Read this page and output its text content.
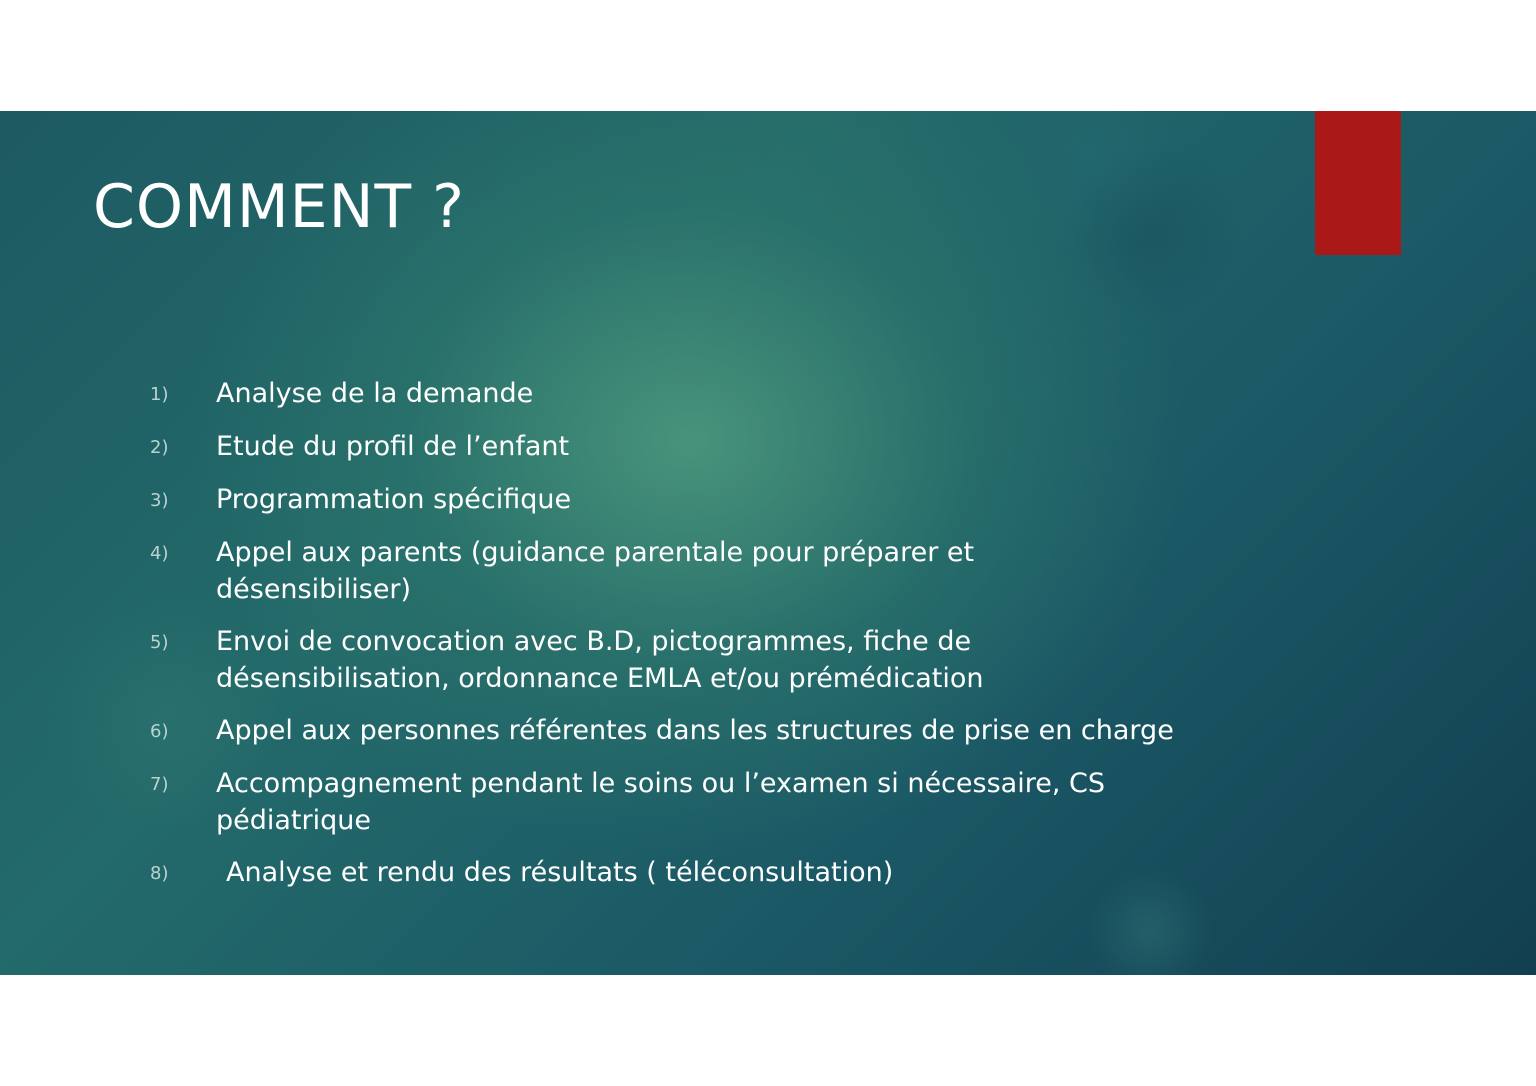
COMMENT ?
1)	Analyse de la demande
2)	Etude du profil de l’enfant
3)	Programmation spécifique
4)	Appel aux parents (guidance parentale pour préparer et désensibiliser)
5)	Envoi de convocation avec B.D, pictogrammes, fiche de désensibilisation, ordonnance EMLA et/ou prémédication
6)	Appel aux personnes référentes dans les structures de prise en charge
7)	Accompagnement pendant le soins ou l’examen si nécessaire, CS pédiatrique
8)	Analyse et rendu des résultats ( téléconsultation)
